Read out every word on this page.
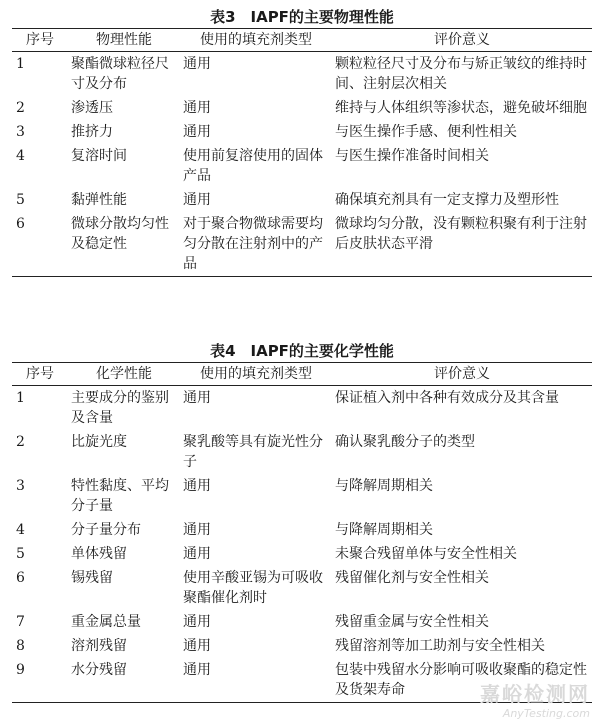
表3　IAPF的主要物理性能
序号	物理性能	使用的填充剂类型	评价意义
1	聚酯微球粒径尺寸及分布	通用	颗粒粒径尺寸及分布与矫正皱纹的维持时间、注射层次相关
2	渗透压	通用	维持与人体组织等渗状态，避免破坏细胞
3	推挤力	通用	与医生操作手感、便利性相关
4	复溶时间	使用前复溶使用的固体产品	与医生操作准备时间相关
5	黏弹性能	通用	确保填充剂具有一定支撑力及塑形性
6	微球分散均匀性及稳定性	对于聚合物微球需要均匀分散在注射剂中的产品	微球均匀分散，没有颗粒积聚有利于注射后皮肤状态平滑
表4　IAPF的主要化学性能
序号	化学性能	使用的填充剂类型	评价意义
1	主要成分的鉴别及含量	通用	保证植入剂中各种有效成分及其含量
2	比旋光度	聚乳酸等具有旋光性分子	确认聚乳酸分子的类型
3	特性黏度、平均分子量	通用	与降解周期相关
4	分子量分布	通用	与降解周期相关
5	单体残留	通用	未聚合残留单体与安全性相关
6	锡残留	使用辛酸亚锡为可吸收聚酯催化剂时	残留催化剂与安全性相关
7	重金属总量	通用	残留重金属与安全性相关
8	溶剂残留	通用	残留溶剂等加工助剂与安全性相关
9	水分残留	通用	包装中残留水分影响可吸收聚酯的稳定性及货架寿命	嘉峪检测网
AnyTesting.com
